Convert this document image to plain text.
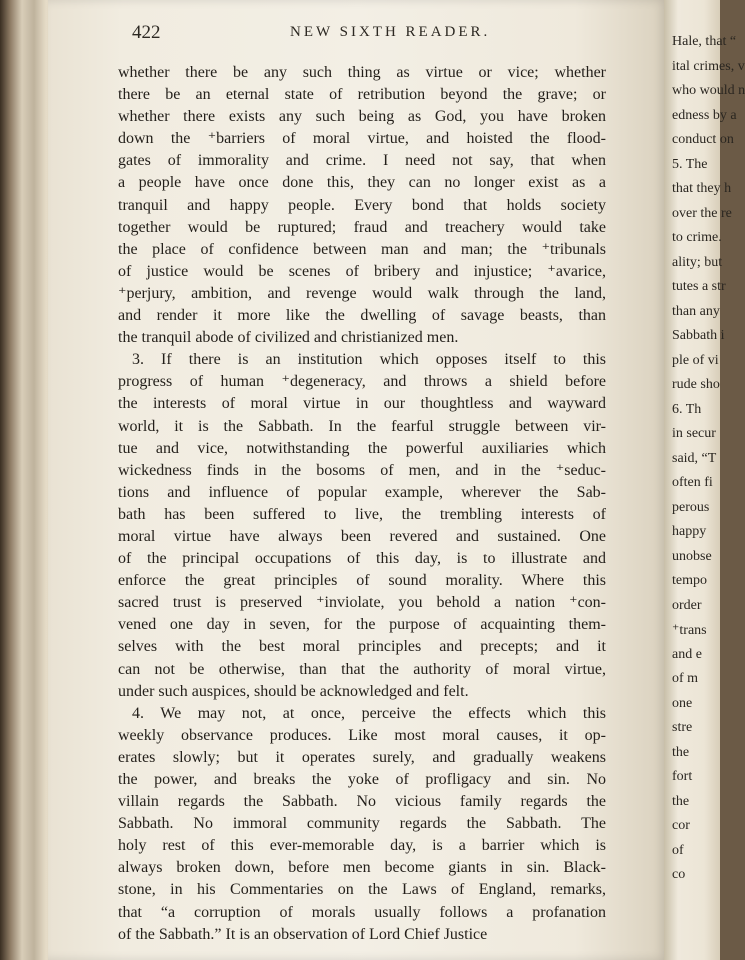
422	NEW SIXTH READER.
whether there be any such thing as virtue or vice; whether
there be an eternal state of retribution beyond the grave; or
whether there exists any such being as God, you have broken
down the ⁺barriers of moral virtue, and hoisted the flood-
gates of immorality and crime. I need not say, that when
a people have once done this, they can no longer exist as a
tranquil and happy people. Every bond that holds society
together would be ruptured; fraud and treachery would take
the place of confidence between man and man; the ⁺tribunals
of justice would be scenes of bribery and injustice; ⁺avarice,
⁺perjury, ambition, and revenge would walk through the land,
and render it more like the dwelling of savage beasts, than
the tranquil abode of civilized and christianized men.
3. If there is an institution which opposes itself to this
progress of human ⁺degeneracy, and throws a shield before
the interests of moral virtue in our thoughtless and wayward
world, it is the Sabbath. In the fearful struggle between vir-
tue and vice, notwithstanding the powerful auxiliaries which
wickedness finds in the bosoms of men, and in the ⁺seduc-
tions and influence of popular example, wherever the Sab-
bath has been suffered to live, the trembling interests of
moral virtue have always been revered and sustained. One
of the principal occupations of this day, is to illustrate and
enforce the great principles of sound morality. Where this
sacred trust is preserved ⁺inviolate, you behold a nation ⁺con-
vened one day in seven, for the purpose of acquainting them-
selves with the best moral principles and precepts; and it
can not be otherwise, than that the authority of moral virtue,
under such auspices, should be acknowledged and felt.
4. We may not, at once, perceive the effects which this
weekly observance produces. Like most moral causes, it op-
erates slowly; but it operates surely, and gradually weakens
the power, and breaks the yoke of profligacy and sin. No
villain regards the Sabbath. No vicious family regards the
Sabbath. No immoral community regards the Sabbath. The
holy rest of this ever-memorable day, is a barrier which is
always broken down, before men become giants in sin. Black-
stone, in his Commentaries on the Laws of England, remarks,
that “a corruption of morals usually follows a profanation
of the Sabbath.” It is an observation of Lord Chief Justice
Hale, that “
ital crimes, v
who would n
edness by a
conduct on
5. The
that they h
over the re
to crime.
ality; but
tutes a str
than any
Sabbath i
ple of vi
rude sho
6. Th
in secur
said, “T
often fi
perous
happy
unobse
tempo
order
⁺trans
and e
of m
one
stre
the
fort
the
cor
of
co
